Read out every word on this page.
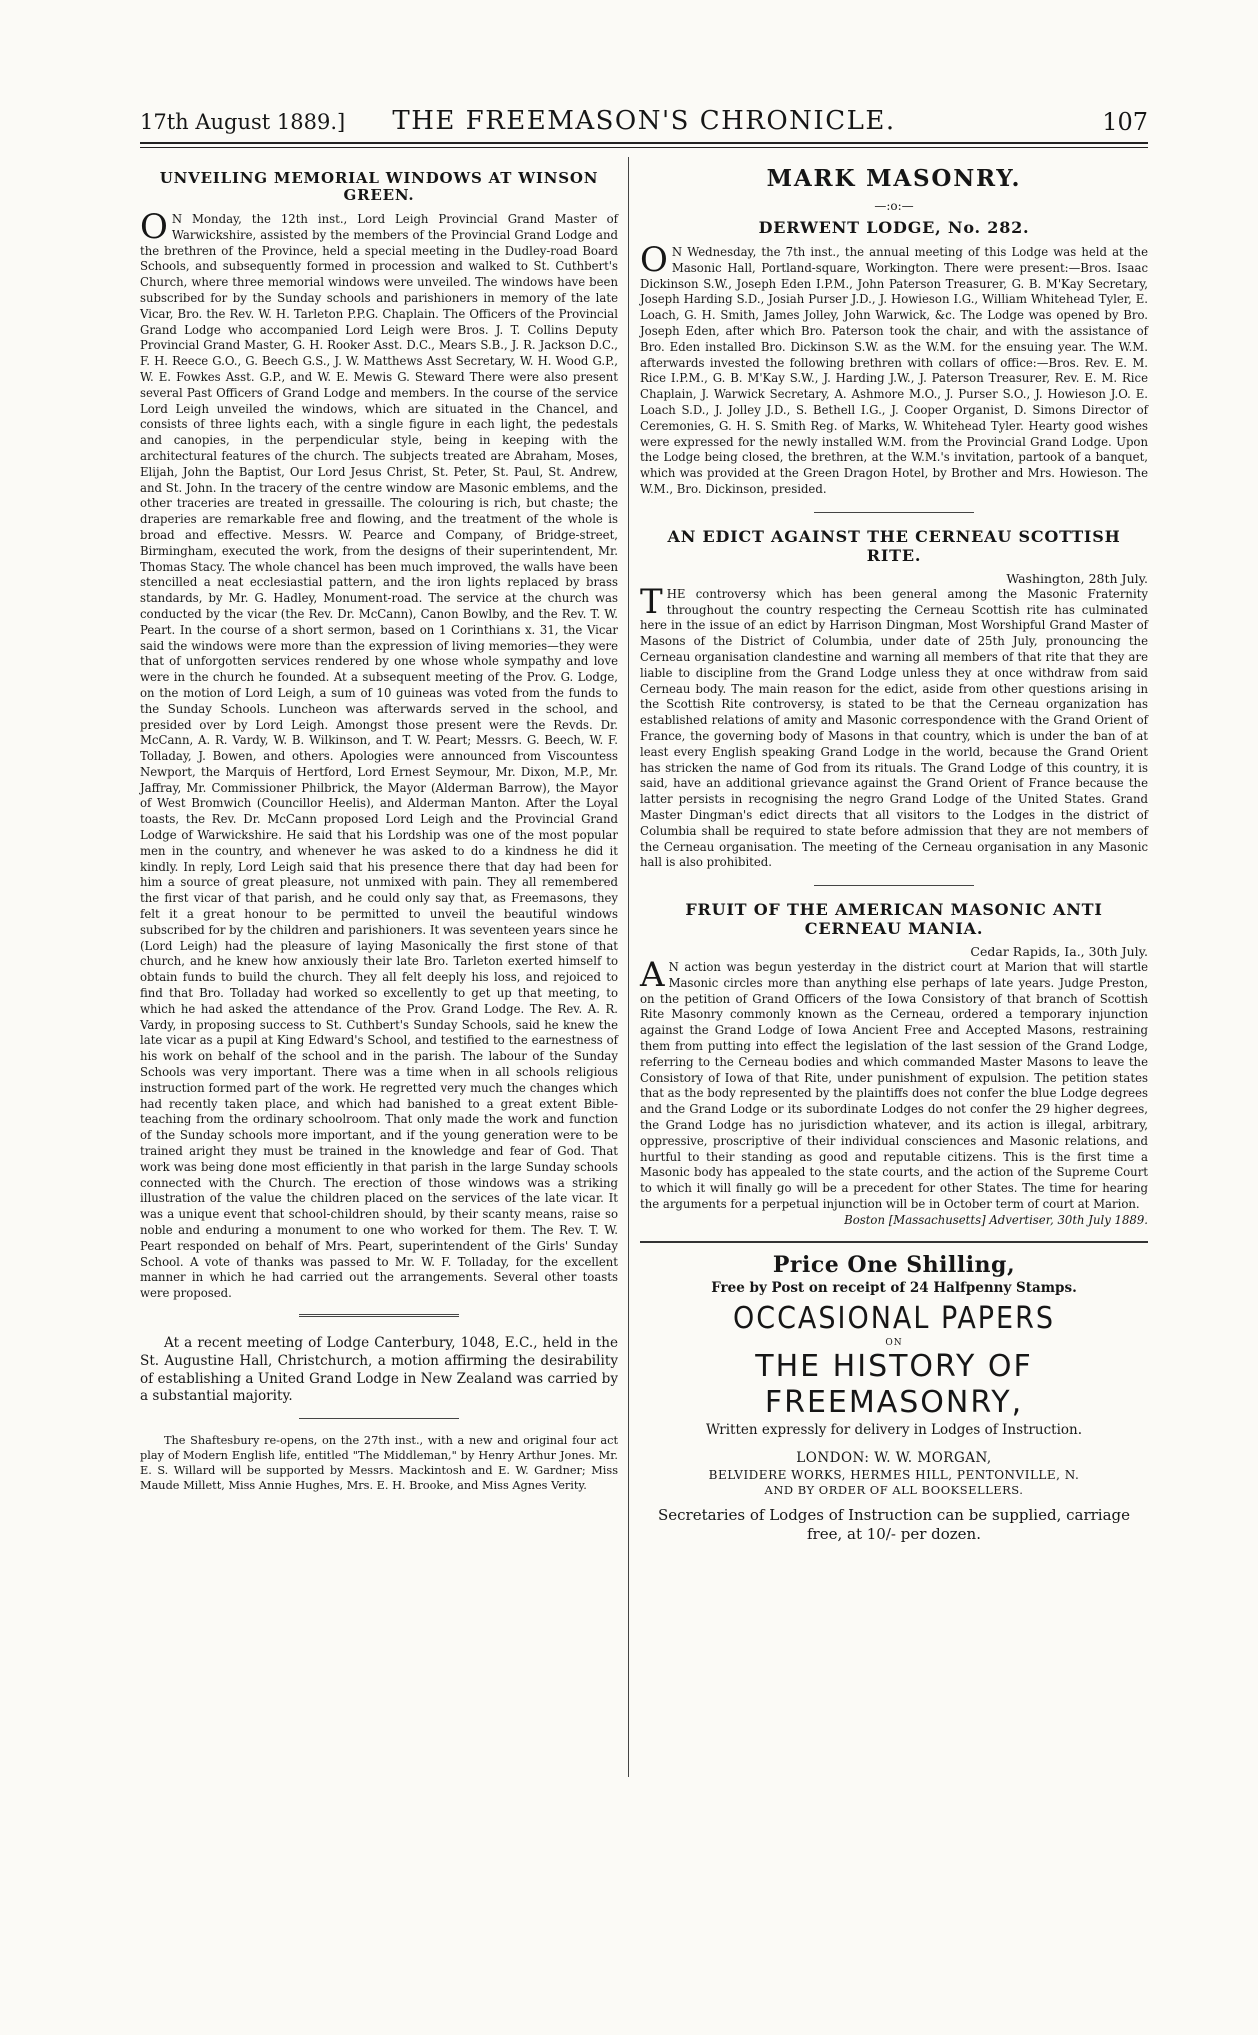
17th August 1889.]	THE FREEMASON'S CHRONICLE.	107
UNVEILING MEMORIAL WINDOWS AT WINSON GREEN.

O N Monday, the 12th inst., Lord Leigh Provincial Grand Master of Warwickshire, assisted by the members of the Provincial Grand Lodge and the brethren of the Province, held a special meeting in the Dudley-road Board Schools, and subsequently formed in procession and walked to St. Cuthbert's Church, where three memorial windows were unveiled. The windows have been subscribed for by the Sunday schools and parishioners in memory of the late Vicar, Bro. the Rev. W. H. Tarleton P.P.G. Chaplain. The Officers of the Provincial Grand Lodge who accompanied Lord Leigh were Bros. J. T. Collins Deputy Provincial Grand Master, G. H. Rooker Asst. D.C., Mears S.B., J. R. Jackson D.C., F. H. Reece G.O., G. Beech G.S., J. W. Matthews Asst Secretary, W. H. Wood G.P., W. E. Fowkes Asst. G.P., and W. E. Mewis G. Steward There were also present several Past Officers of Grand Lodge and members. In the course of the service Lord Leigh unveiled the windows, which are situated in the Chancel, and consists of three lights each, with a single figure in each light, the pedestals and canopies, in the perpendicular style, being in keeping with the architectural features of the church. The subjects treated are Abraham, Moses, Elijah, John the Baptist, Our Lord Jesus Christ, St. Peter, St. Paul, St. Andrew, and St. John. In the tracery of the centre window are Masonic emblems, and the other traceries are treated in gressaille. The colouring is rich, but chaste; the draperies are remarkable free and flowing, and the treatment of the whole is broad and effective. Messrs. W. Pearce and Company, of Bridge-street, Birmingham, executed the work, from the designs of their superintendent, Mr. Thomas Stacy. The whole chancel has been much improved, the walls have been stencilled a neat ecclesiastial pattern, and the iron lights replaced by brass standards, by Mr. G. Hadley, Monument-road. The service at the church was conducted by the vicar (the Rev. Dr. McCann), Canon Bowlby, and the Rev. T. W. Peart. In the course of a short sermon, based on 1 Corinthians x. 31, the Vicar said the windows were more than the expression of living memories—they were that of unforgotten services rendered by one whose whole sympathy and love were in the church he founded. At a subsequent meeting of the Prov. G. Lodge, on the motion of Lord Leigh, a sum of 10 guineas was voted from the funds to the Sunday Schools. Luncheon was afterwards served in the school, and presided over by Lord Leigh. Amongst those present were the Revds. Dr. McCann, A. R. Vardy, W. B. Wilkinson, and T. W. Peart; Messrs. G. Beech, W. F. Tolladay, J. Bowen, and others. Apologies were announced from Viscountess Newport, the Marquis of Hertford, Lord Ernest Seymour, Mr. Dixon, M.P., Mr. Jaffray, Mr. Commissioner Philbrick, the Mayor (Alderman Barrow), the Mayor of West Bromwich (Councillor Heelis), and Alderman Manton. After the Loyal toasts, the Rev. Dr. McCann proposed Lord Leigh and the Provincial Grand Lodge of Warwickshire. He said that his Lordship was one of the most popular men in the country, and whenever he was asked to do a kindness he did it kindly. In reply, Lord Leigh said that his presence there that day had been for him a source of great pleasure, not unmixed with pain. They all remembered the first vicar of that parish, and he could only say that, as Freemasons, they felt it a great honour to be permitted to unveil the beautiful windows subscribed for by the children and parishioners. It was seventeen years since he (Lord Leigh) had the pleasure of laying Masonically the first stone of that church, and he knew how anxiously their late Bro. Tarleton exerted himself to obtain funds to build the church. They all felt deeply his loss, and rejoiced to find that Bro. Tolladay had worked so excellently to get up that meeting, to which he had asked the attendance of the Prov. Grand Lodge. The Rev. A. R. Vardy, in proposing success to St. Cuthbert's Sunday Schools, said he knew the late vicar as a pupil at King Edward's School, and testified to the earnestness of his work on behalf of the school and in the parish. The labour of the Sunday Schools was very important. There was a time when in all schools religious instruction formed part of the work. He regretted very much the changes which had recently taken place, and which had banished to a great extent Bible-teaching from the ordinary schoolroom. That only made the work and function of the Sunday schools more important, and if the young generation were to be trained aright they must be trained in the knowledge and fear of God. That work was being done most efficiently in that parish in the large Sunday schools connected with the Church. The erection of those windows was a striking illustration of the value the children placed on the services of the late vicar. It was a unique event that school-children should, by their scanty means, raise so noble and enduring a monument to one who worked for them. The Rev. T. W. Peart responded on behalf of Mrs. Peart, superintendent of the Girls' Sunday School. A vote of thanks was passed to Mr. W. F. Tolladay, for the excellent manner in which he had carried out the arrangements. Several other toasts were proposed.

At a recent meeting of Lodge Canterbury, 1048, E.C., held in the St. Augustine Hall, Christchurch, a motion affirming the desirability of establishing a United Grand Lodge in New Zealand was carried by a substantial majority.

The Shaftesbury re-opens, on the 27th inst., with a new and original four act play of Modern English life, entitled "The Middleman," by Henry Arthur Jones. Mr. E. S. Willard will be supported by Messrs. Mackintosh and E. W. Gardner; Miss Maude Millett, Miss Annie Hughes, Mrs. E. H. Brooke, and Miss Agnes Verity.

MARK MASONRY.

—:o:—

DERWENT LODGE, No. 282.

O N Wednesday, the 7th inst., the annual meeting of this Lodge was held at the Masonic Hall, Portland-square, Workington. There were present:—Bros. Isaac Dickinson S.W., Joseph Eden I.P.M., John Paterson Treasurer, G. B. M'Kay Secretary, Joseph Harding S.D., Josiah Purser J.D., J. Howieson I.G., William Whitehead Tyler, E. Loach, G. H. Smith, James Jolley, John Warwick, &c. The Lodge was opened by Bro. Joseph Eden, after which Bro. Paterson took the chair, and with the assistance of Bro. Eden installed Bro. Dickinson S.W. as the W.M. for the ensuing year. The W.M. afterwards invested the following brethren with collars of office:—Bros. Rev. E. M. Rice I.P.M., G. B. M'Kay S.W., J. Harding J.W., J. Paterson Treasurer, Rev. E. M. Rice Chaplain, J. Warwick Secretary, A. Ashmore M.O., J. Purser S.O., J. Howieson J.O. E. Loach S.D., J. Jolley J.D., S. Bethell I.G., J. Cooper Organist, D. Simons Director of Ceremonies, G. H. S. Smith Reg. of Marks, W. Whitehead Tyler. Hearty good wishes were expressed for the newly installed W.M. from the Provincial Grand Lodge. Upon the Lodge being closed, the brethren, at the W.M.'s invitation, partook of a banquet, which was provided at the Green Dragon Hotel, by Brother and Mrs. Howieson. The W.M., Bro. Dickinson, presided.

AN EDICT AGAINST THE CERNEAU SCOTTISH RITE.

Washington, 28th July.

THE controversy which has been general among the Masonic Fraternity throughout the country respecting the Cerneau Scottish rite has culminated here in the issue of an edict by Harrison Dingman, Most Worshipful Grand Master of Masons of the District of Columbia, under date of 25th July, pronouncing the Cerneau organisation clandestine and warning all members of that rite that they are liable to discipline from the Grand Lodge unless they at once withdraw from said Cerneau body. The main reason for the edict, aside from other questions arising in the Scottish Rite controversy, is stated to be that the Cerneau organization has established relations of amity and Masonic correspondence with the Grand Orient of France, the governing body of Masons in that country, which is under the ban of at least every English speaking Grand Lodge in the world, because the Grand Orient has stricken the name of God from its rituals. The Grand Lodge of this country, it is said, have an additional grievance against the Grand Orient of France because the latter persists in recognising the negro Grand Lodge of the United States. Grand Master Dingman's edict directs that all visitors to the Lodges in the district of Columbia shall be required to state before admission that they are not members of the Cerneau organisation. The meeting of the Cerneau organisation in any Masonic hall is also prohibited.

FRUIT OF THE AMERICAN MASONIC ANTI CERNEAU MANIA.

Cedar Rapids, Ia., 30th July.

A N action was begun yesterday in the district court at Marion that will startle Masonic circles more than anything else perhaps of late years. Judge Preston, on the petition of Grand Officers of the Iowa Consistory of that branch of Scottish Rite Masonry commonly known as the Cerneau, ordered a temporary injunction against the Grand Lodge of Iowa Ancient Free and Accepted Masons, restraining them from putting into effect the legislation of the last session of the Grand Lodge, referring to the Cerneau bodies and which commanded Master Masons to leave the Consistory of Iowa of that Rite, under punishment of expulsion. The petition states that as the body represented by the plaintiffs does not confer the blue Lodge degrees and the Grand Lodge or its subordinate Lodges do not confer the 29 higher degrees, the Grand Lodge has no jurisdiction whatever, and its action is illegal, arbitrary, oppressive, proscriptive of their individual consciences and Masonic relations, and hurtful to their standing as good and reputable citizens. This is the first time a Masonic body has appealed to the state courts, and the action of the Supreme Court to which it will finally go will be a precedent for other States. The time for hearing the arguments for a perpetual injunction will be in October term of court at Marion.

Boston [Massachusetts] Advertiser, 30th July 1889.

Price One Shilling,

Free by Post on receipt of 24 Halfpenny Stamps.

OCCASIONAL PAPERS

ON

THE HISTORY OF FREEMASONRY,

Written expressly for delivery in Lodges of Instruction.

LONDON: W. W. MORGAN,

BELVIDERE WORKS, HERMES HILL, PENTONVILLE, N.

AND BY ORDER OF ALL BOOKSELLERS.

Secretaries of Lodges of Instruction can be supplied, carriage free, at 10/- per dozen.
